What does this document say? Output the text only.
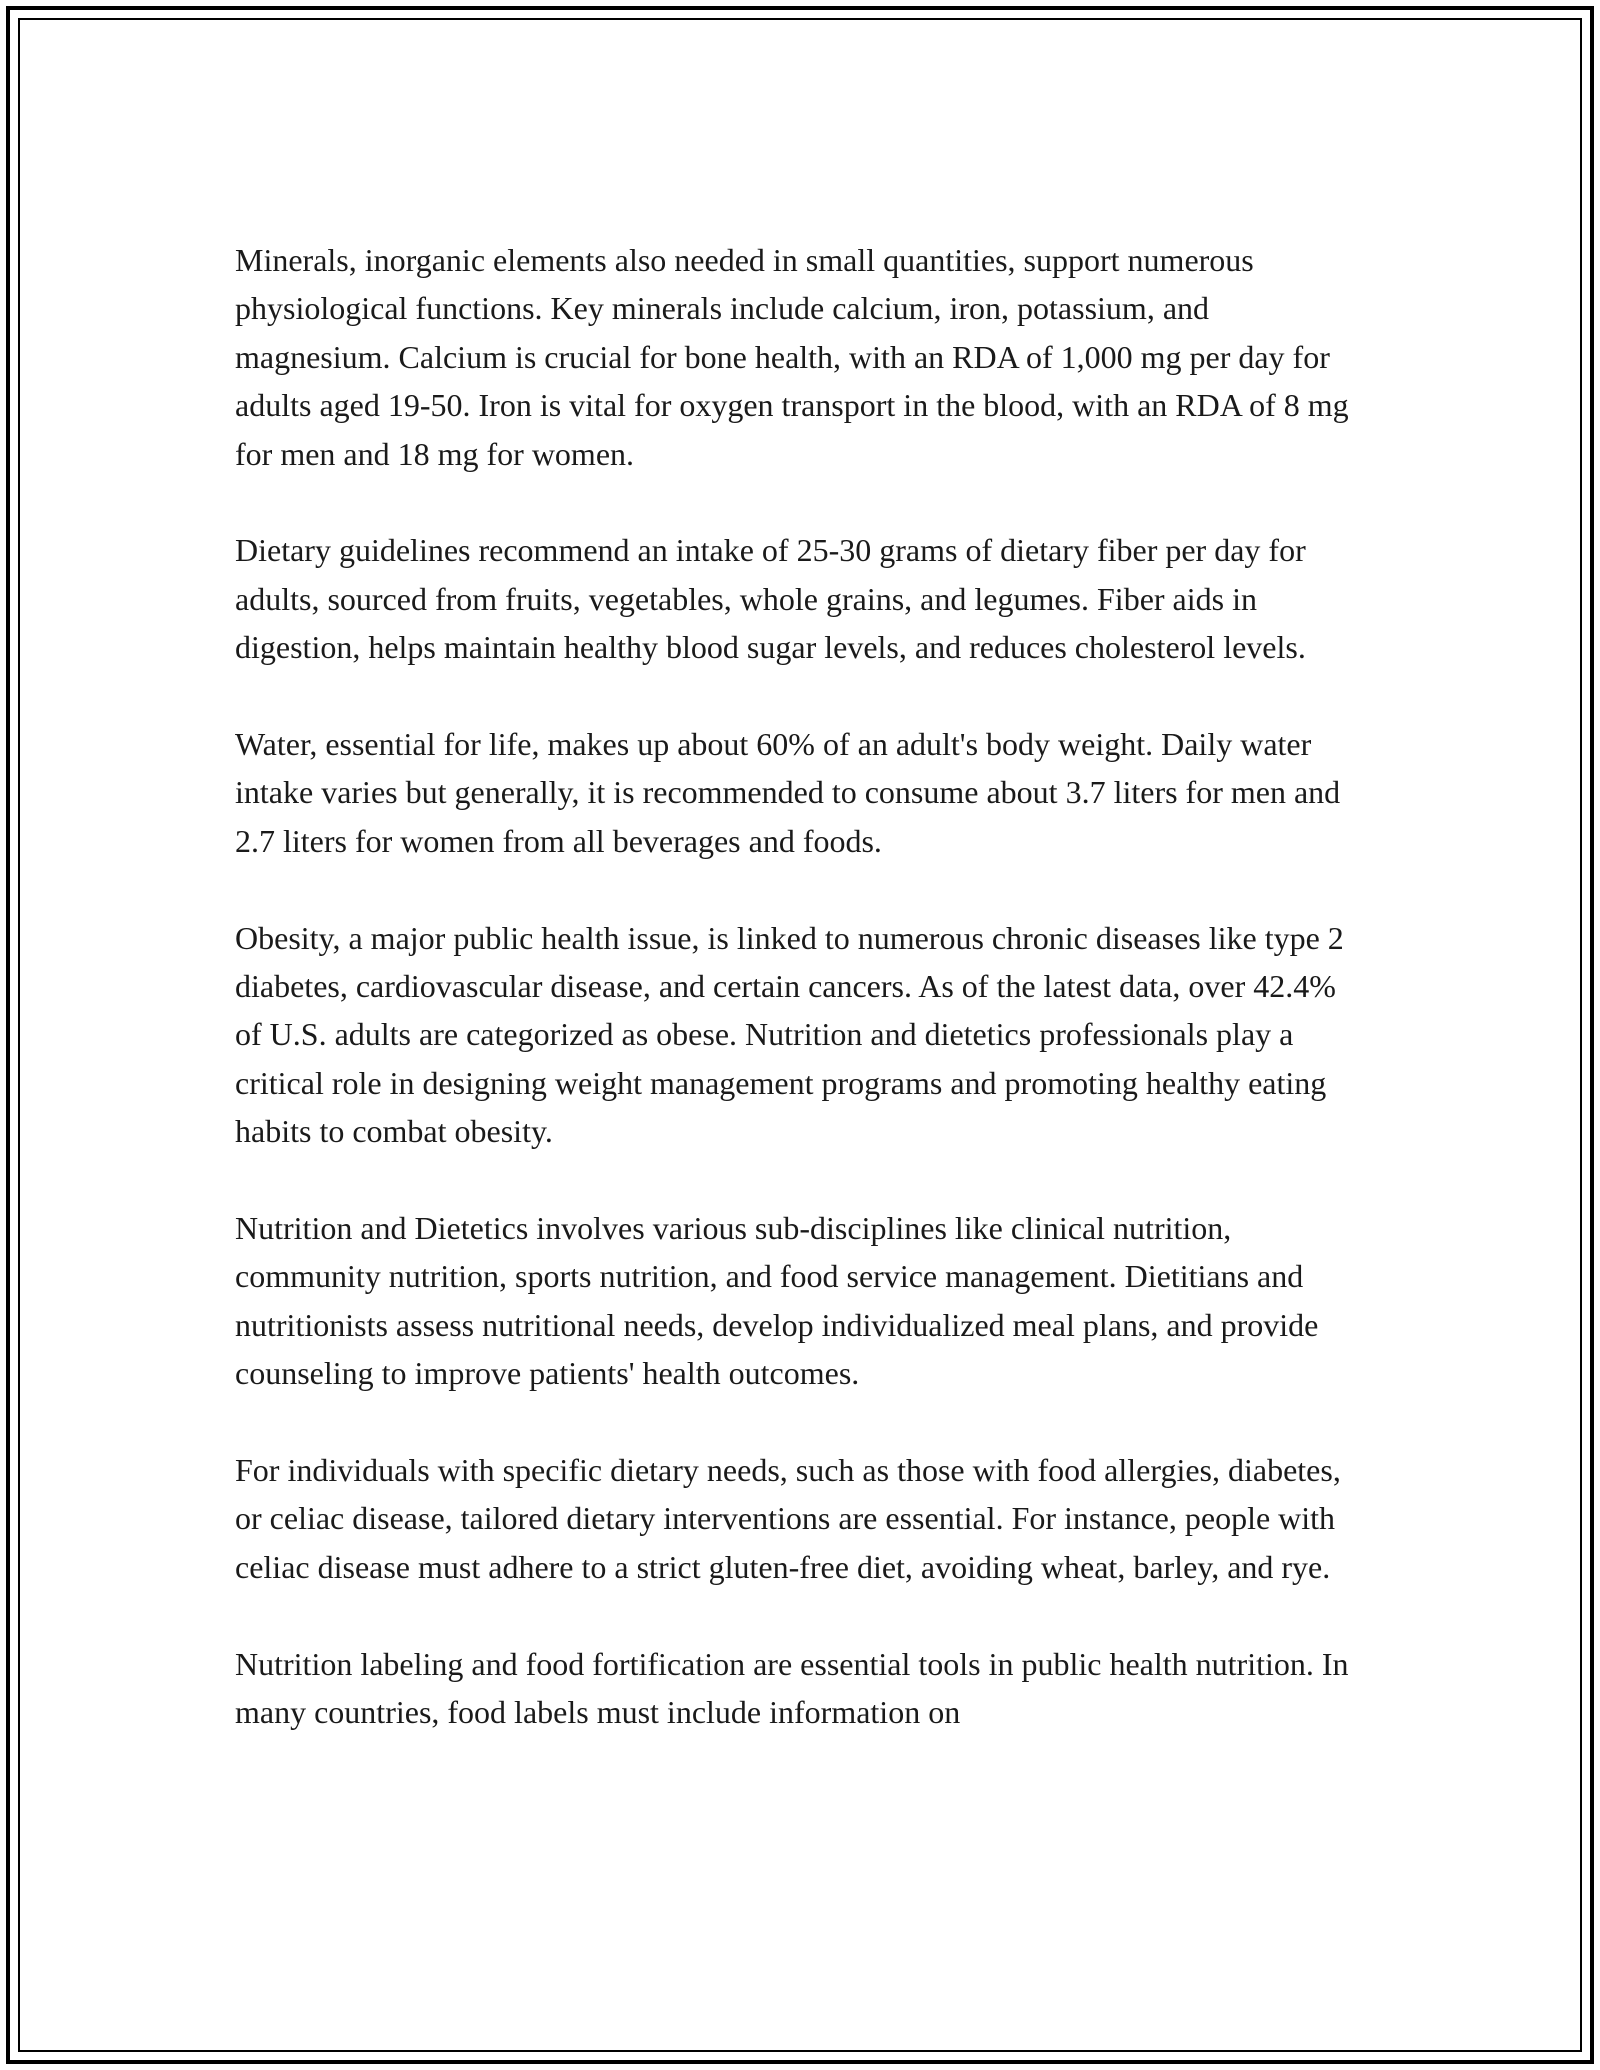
Minerals, inorganic elements also needed in small quantities, support numerous physiological functions. Key minerals include calcium, iron, potassium, and magnesium. Calcium is crucial for bone health, with an RDA of 1,000 mg per day for adults aged 19-50. Iron is vital for oxygen transport in the blood, with an RDA of 8 mg for men and 18 mg for women.

Dietary guidelines recommend an intake of 25-30 grams of dietary fiber per day for adults, sourced from fruits, vegetables, whole grains, and legumes. Fiber aids in digestion, helps maintain healthy blood sugar levels, and reduces cholesterol levels.

Water, essential for life, makes up about 60% of an adult's body weight. Daily water intake varies but generally, it is recommended to consume about 3.7 liters for men and 2.7 liters for women from all beverages and foods.

Obesity, a major public health issue, is linked to numerous chronic diseases like type 2 diabetes, cardiovascular disease, and certain cancers. As of the latest data, over 42.4% of U.S. adults are categorized as obese. Nutrition and dietetics professionals play a critical role in designing weight management programs and promoting healthy eating habits to combat obesity.

Nutrition and Dietetics involves various sub-disciplines like clinical nutrition, community nutrition, sports nutrition, and food service management. Dietitians and nutritionists assess nutritional needs, develop individualized meal plans, and provide counseling to improve patients' health outcomes.

For individuals with specific dietary needs, such as those with food allergies, diabetes, or celiac disease, tailored dietary interventions are essential. For instance, people with celiac disease must adhere to a strict gluten-free diet, avoiding wheat, barley, and rye.

Nutrition labeling and food fortification are essential tools in public health nutrition. In many countries, food labels must include information on
